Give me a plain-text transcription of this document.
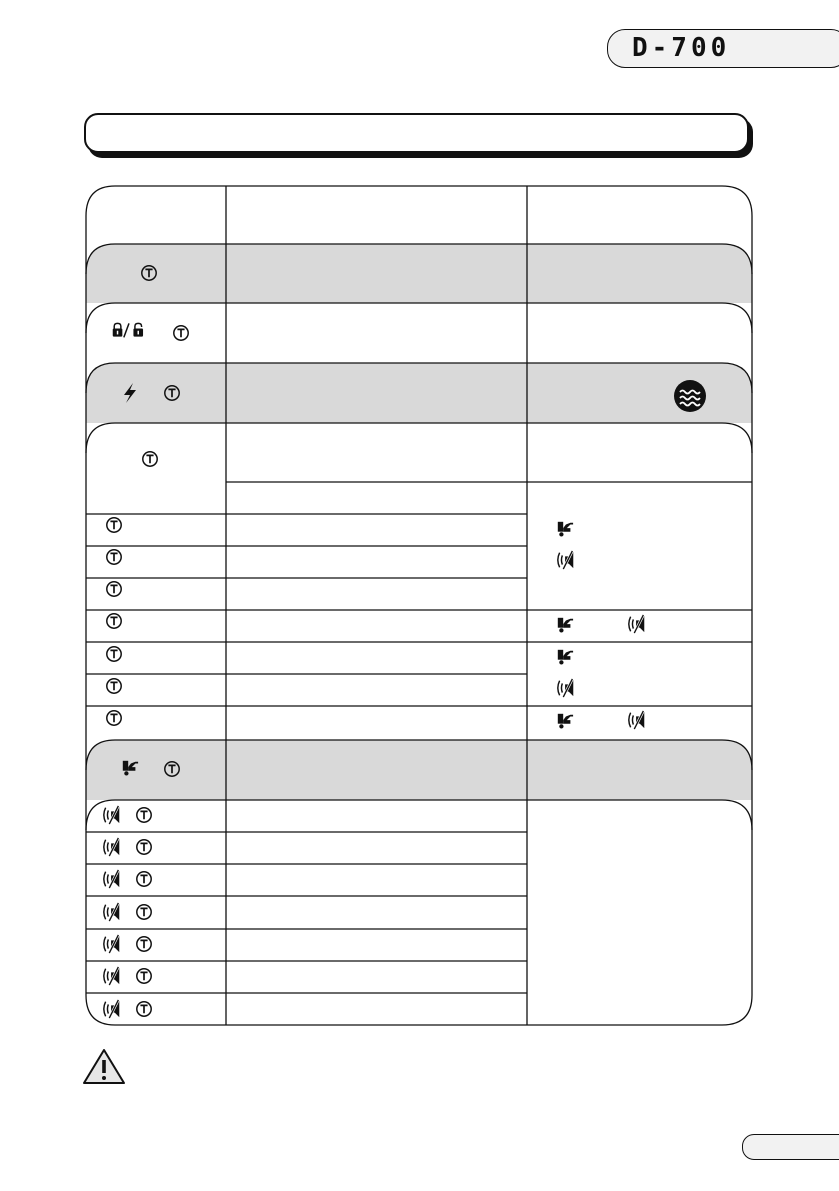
D-700
